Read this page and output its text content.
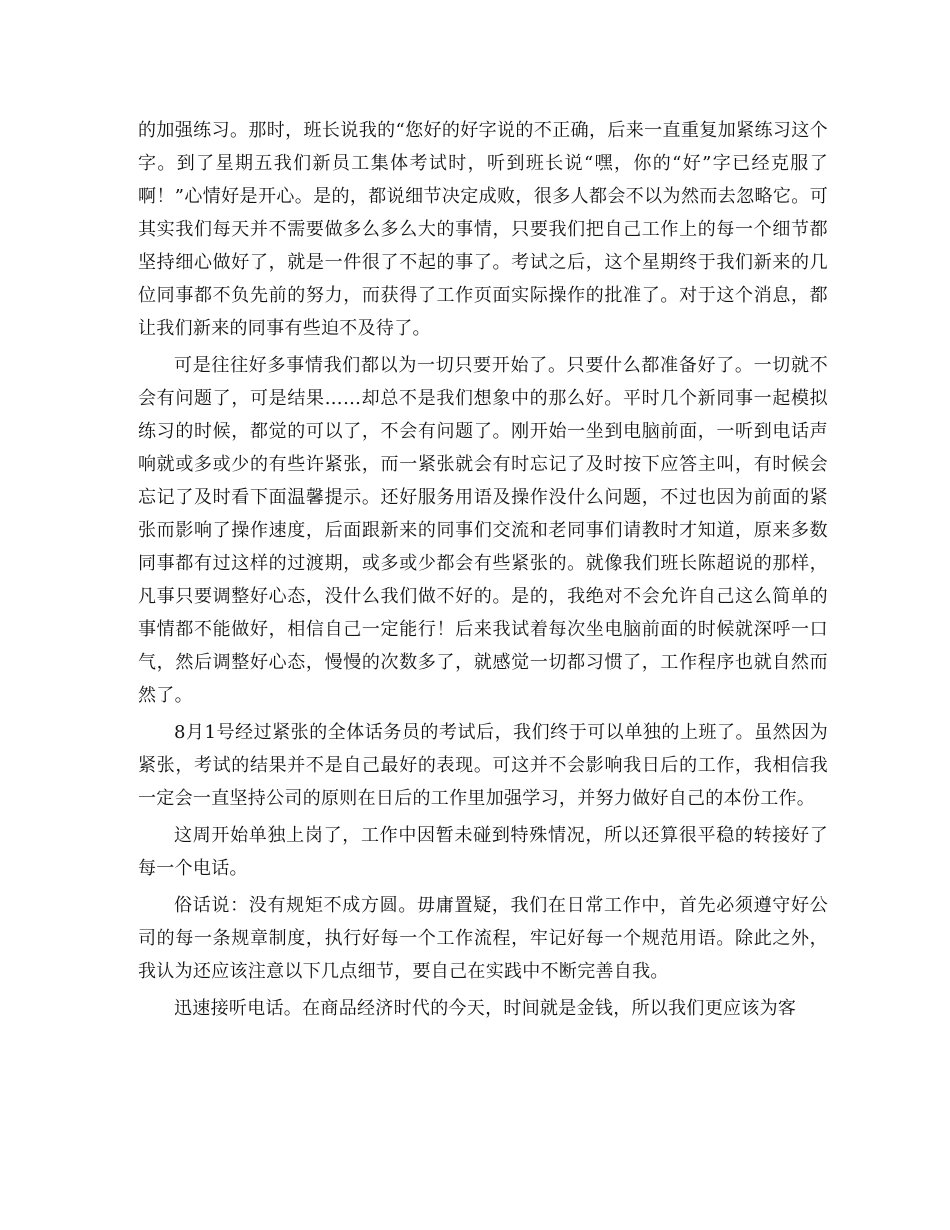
的加强练习。那时，班长说我的“您好的好字说的不正确，后来一直重复加紧练习这个字。到了星期五我们新员工集体考试时，听到班长说“嘿，你的“好”字已经克服了啊！”心情好是开心。是的，都说细节决定成败，很多人都会不以为然而去忽略它。可其实我们每天并不需要做多么多么大的事情，只要我们把自己工作上的每一个细节都坚持细心做好了，就是一件很了不起的事了。考试之后，这个星期终于我们新来的几位同事都不负先前的努力，而获得了工作页面实际操作的批准了。对于这个消息，都让我们新来的同事有些迫不及待了。

可是往往好多事情我们都以为一切只要开始了。只要什么都准备好了。一切就不会有问题了，可是结果……却总不是我们想象中的那么好。平时几个新同事一起模拟练习的时候，都觉的可以了，不会有问题了。刚开始一坐到电脑前面，一听到电话声响就或多或少的有些许紧张，而一紧张就会有时忘记了及时按下应答主叫，有时候会忘记了及时看下面温馨提示。还好服务用语及操作没什么问题，不过也因为前面的紧张而影响了操作速度，后面跟新来的同事们交流和老同事们请教时才知道，原来多数同事都有过这样的过渡期，或多或少都会有些紧张的。就像我们班长陈超说的那样，凡事只要调整好心态，没什么我们做不好的。是的，我绝对不会允许自己这么简单的事情都不能做好，相信自己一定能行！后来我试着每次坐电脑前面的时候就深呼一口气，然后调整好心态，慢慢的次数多了，就感觉一切都习惯了，工作程序也就自然而然了。

8月1号经过紧张的全体话务员的考试后，我们终于可以单独的上班了。虽然因为紧张，考试的结果并不是自己最好的表现。可这并不会影响我日后的工作，我相信我一定会一直坚持公司的原则在日后的工作里加强学习，并努力做好自己的本份工作。

这周开始单独上岗了，工作中因暂未碰到特殊情况，所以还算很平稳的转接好了每一个电话。

俗话说：没有规矩不成方圆。毋庸置疑，我们在日常工作中，首先必须遵守好公司的每一条规章制度，执行好每一个工作流程，牢记好每一个规范用语。除此之外，我认为还应该注意以下几点细节，要自己在实践中不断完善自我。

迅速接听电话。在商品经济时代的今天，时间就是金钱，所以我们更应该为客
